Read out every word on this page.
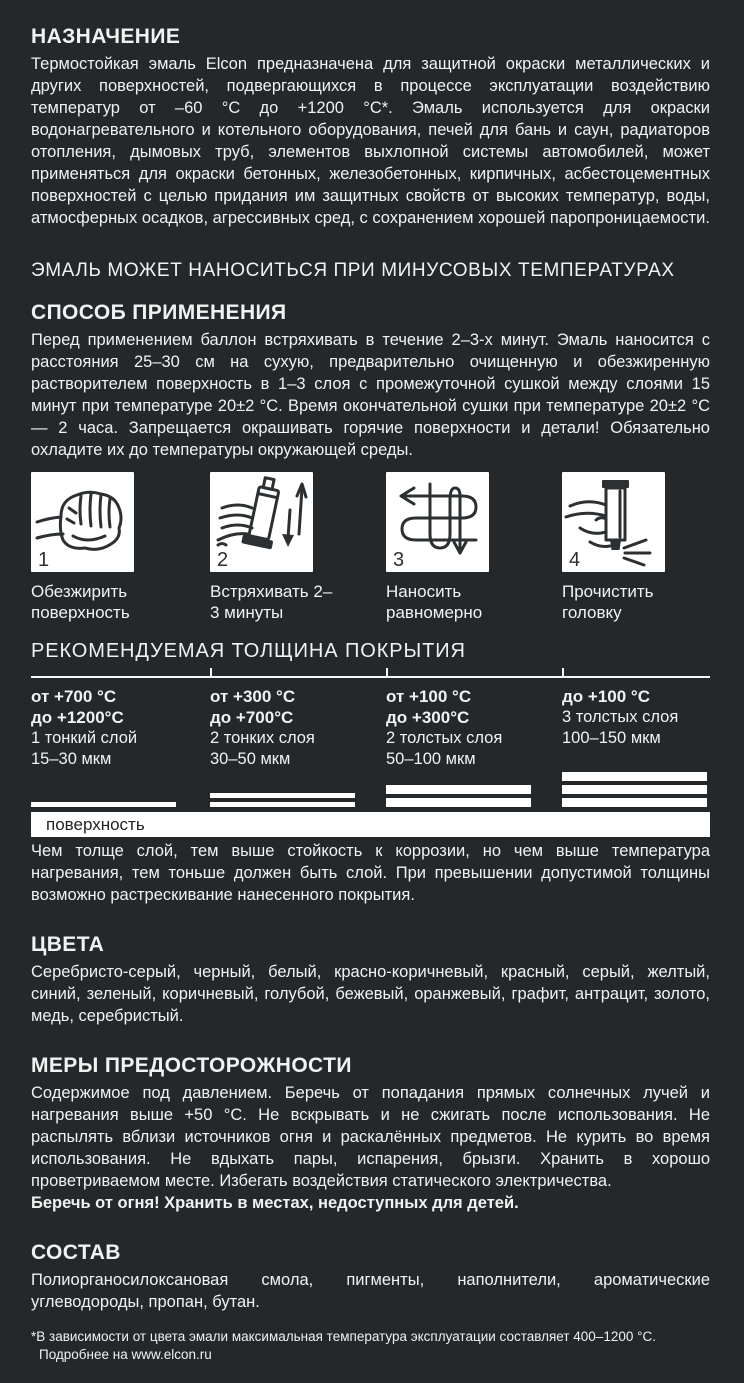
НАЗНАЧЕНИЕ

Термостойкая эмаль Elcon предназначена для защитной окраски металлических и других поверхностей, подвергающихся в процессе эксплуатации воздействию температур от –60 °С до +1200 °С*. Эмаль используется для окраски водонагревательного и котельного оборудования, печей для бань и саун, радиаторов отопления, дымовых труб, элементов выхлопной системы автомобилей, может применяться для окраски бетонных, железобетонных, кирпичных, асбестоцементных поверхностей с целью придания им защитных свойств от высоких температур, воды, атмосферных осадков, агрессивных сред, с сохранением хорошей паропроницаемости.

ЭМАЛЬ МОЖЕТ НАНОСИТЬСЯ ПРИ МИНУСОВЫХ ТЕМПЕРАТУРАХ

СПОСОБ ПРИМЕНЕНИЯ

Перед применением баллон встряхивать в течение 2–3-х минут. Эмаль наносится с расстояния 25–30 см на сухую, предварительно очищенную и обезжиренную растворителем поверхность в 1–3 слоя с промежуточной сушкой между слоями 15 минут при температуре 20±2 °С. Время окончательной сушки при температуре 20±2 °С — 2 часа. Запрещается окрашивать горячие поверхности и детали! Обязательно охладите их до температуры окружающей среды.

1
Обезжирить поверхность
2
Встряхивать 2–3 минуты
3
Наносить равномерно
4
Прочистить головку
РЕКОМЕНДУЕМАЯ ТОЛЩИНА ПОКРЫТИЯ
от +700 °С
до +1200°С
1 тонкий слой
15–30 мкм
от +300 °С
до +700°С
2 тонких слоя
30–50 мкм
от +100 °С
до +300°С
2 толстых слоя
50–100 мкм
до +100 °С
3 толстых слоя
100–150 мкм
поверхность

Чем толще слой, тем выше стойкость к коррозии, но чем выше температура нагревания, тем тоньше должен быть слой. При превышении допустимой толщины возможно растрескивание нанесенного покрытия.

ЦВЕТА

Серебристо-серый, черный, белый, красно-коричневый, красный, серый, желтый, синий, зеленый, коричневый, голубой, бежевый, оранжевый, графит, антрацит, золото, медь, серебристый.

МЕРЫ ПРЕДОСТОРОЖНОСТИ

Содержимое под давлением. Беречь от попадания прямых солнечных лучей и нагревания выше +50 °С. Не вскрывать и не сжигать после использования. Не распылять вблизи источников огня и раскалённых предметов. Не курить во время использования. Не вдыхать пары, испарения, брызги. Хранить в хорошо проветриваемом месте. Избегать воздействия статического электричества.

Беречь от огня! Хранить в местах, недоступных для детей.

СОСТАВ

Полиорганосилоксановая смола, пигменты, наполнители, ароматические углеводороды, пропан, бутан.

*В зависимости от цвета эмали максимальная температура эксплуатации составляет 400–1200 °С.

Подробнее на www.elcon.ru
